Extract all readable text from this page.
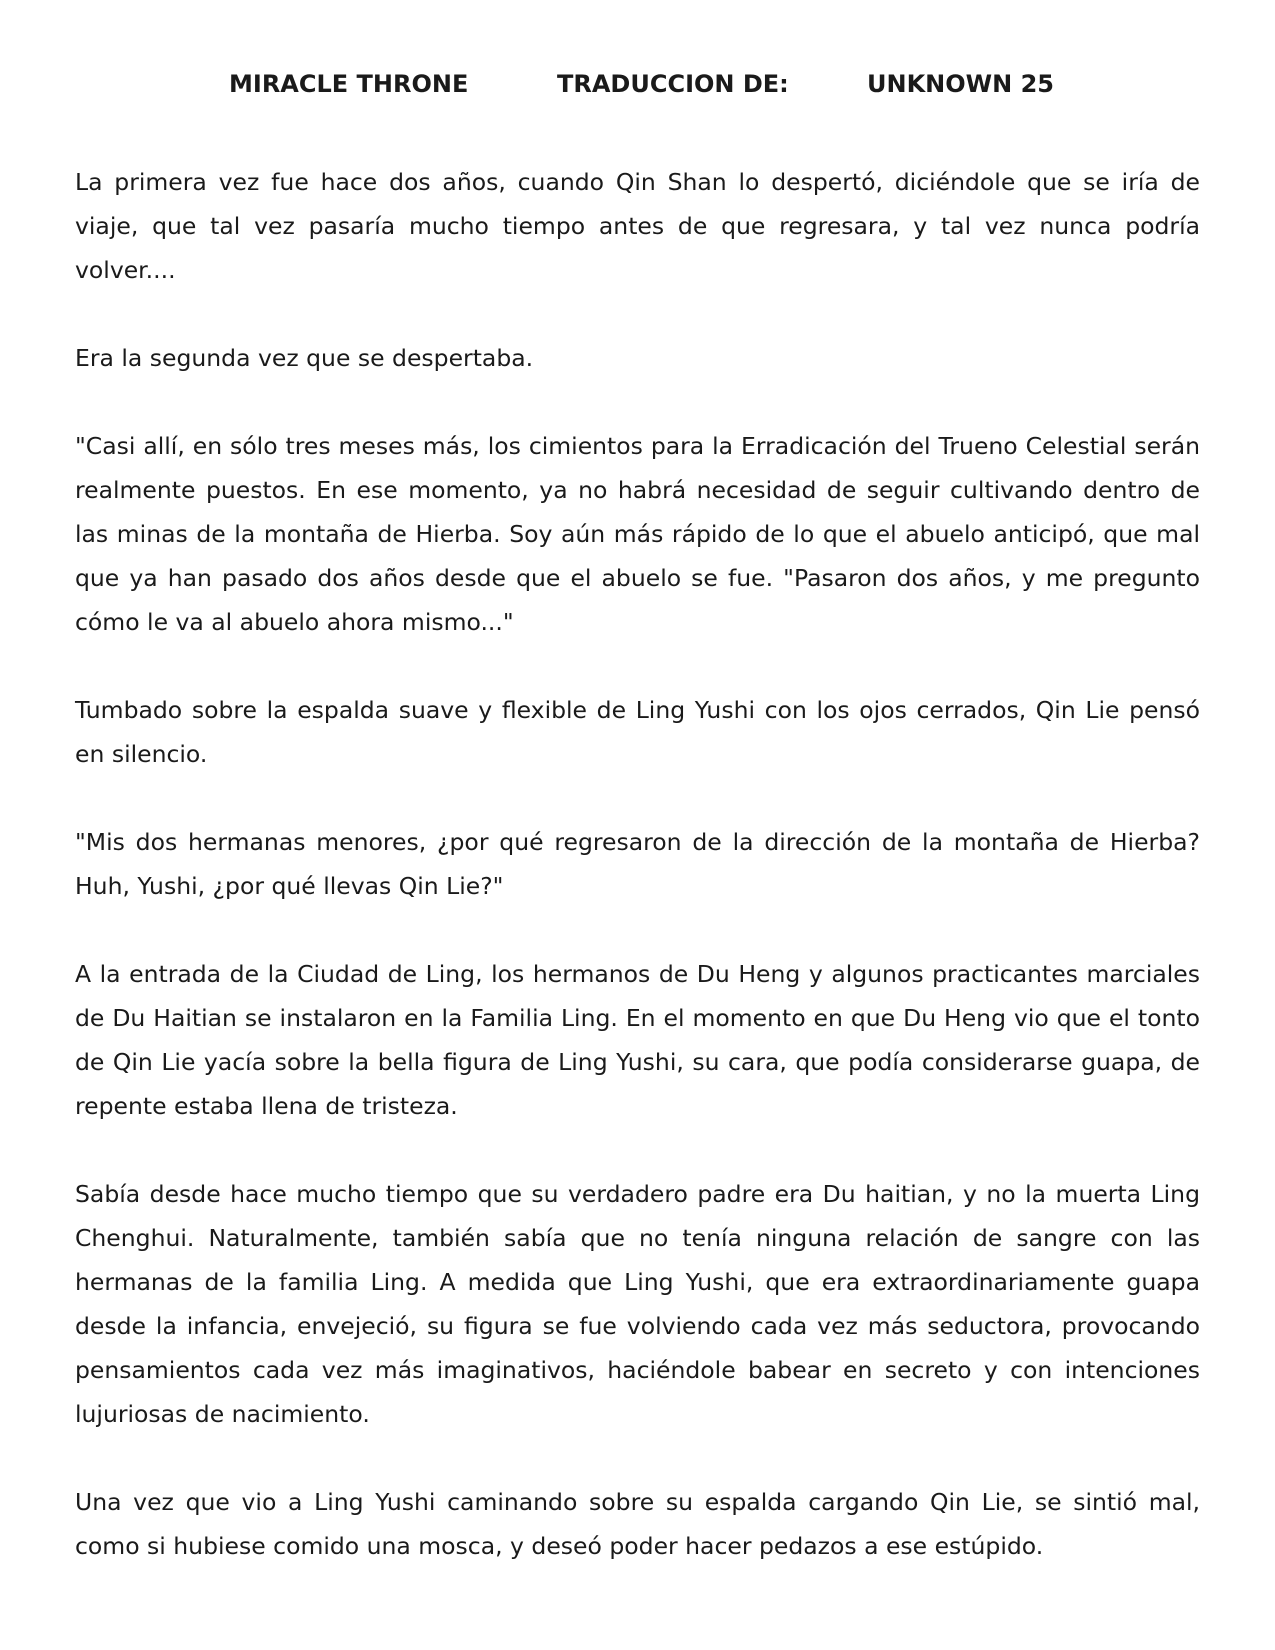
MIRACLE THRONE	TRADUCCION DE:	UNKNOWN 25

La primera vez fue hace dos años, cuando Qin Shan lo despertó, diciéndole que se iría de viaje, que tal vez pasaría mucho tiempo antes de que regresara, y tal vez nunca podría volver....

Era la segunda vez que se despertaba.

"Casi allí, en sólo tres meses más, los cimientos para la Erradicación del Trueno Celestial serán realmente puestos. En ese momento, ya no habrá necesidad de seguir cultivando dentro de las minas de la montaña de Hierba. Soy aún más rápido de lo que el abuelo anticipó, que mal que ya han pasado dos años desde que el abuelo se fue. "Pasaron dos años, y me pregunto cómo le va al abuelo ahora mismo..."

Tumbado sobre la espalda suave y flexible de Ling Yushi con los ojos cerrados, Qin Lie pensó en silencio.

"Mis dos hermanas menores, ¿por qué regresaron de la dirección de la montaña de Hierba? Huh, Yushi, ¿por qué llevas Qin Lie?"

A la entrada de la Ciudad de Ling, los hermanos de Du Heng y algunos practicantes marciales de Du Haitian se instalaron en la Familia Ling. En el momento en que Du Heng vio que el tonto de Qin Lie yacía sobre la bella figura de Ling Yushi, su cara, que podía considerarse guapa, de repente estaba llena de tristeza.

Sabía desde hace mucho tiempo que su verdadero padre era Du haitian, y no la muerta Ling Chenghui. Naturalmente, también sabía que no tenía ninguna relación de sangre con las hermanas de la familia Ling. A medida que Ling Yushi, que era extraordinariamente guapa desde la infancia, envejeció, su figura se fue volviendo cada vez más seductora, provocando pensamientos cada vez más imaginativos, haciéndole babear en secreto y con intenciones lujuriosas de nacimiento.

Una vez que vio a Ling Yushi caminando sobre su espalda cargando Qin Lie, se sintió mal, como si hubiese comido una mosca, y deseó poder hacer pedazos a ese estúpido.
